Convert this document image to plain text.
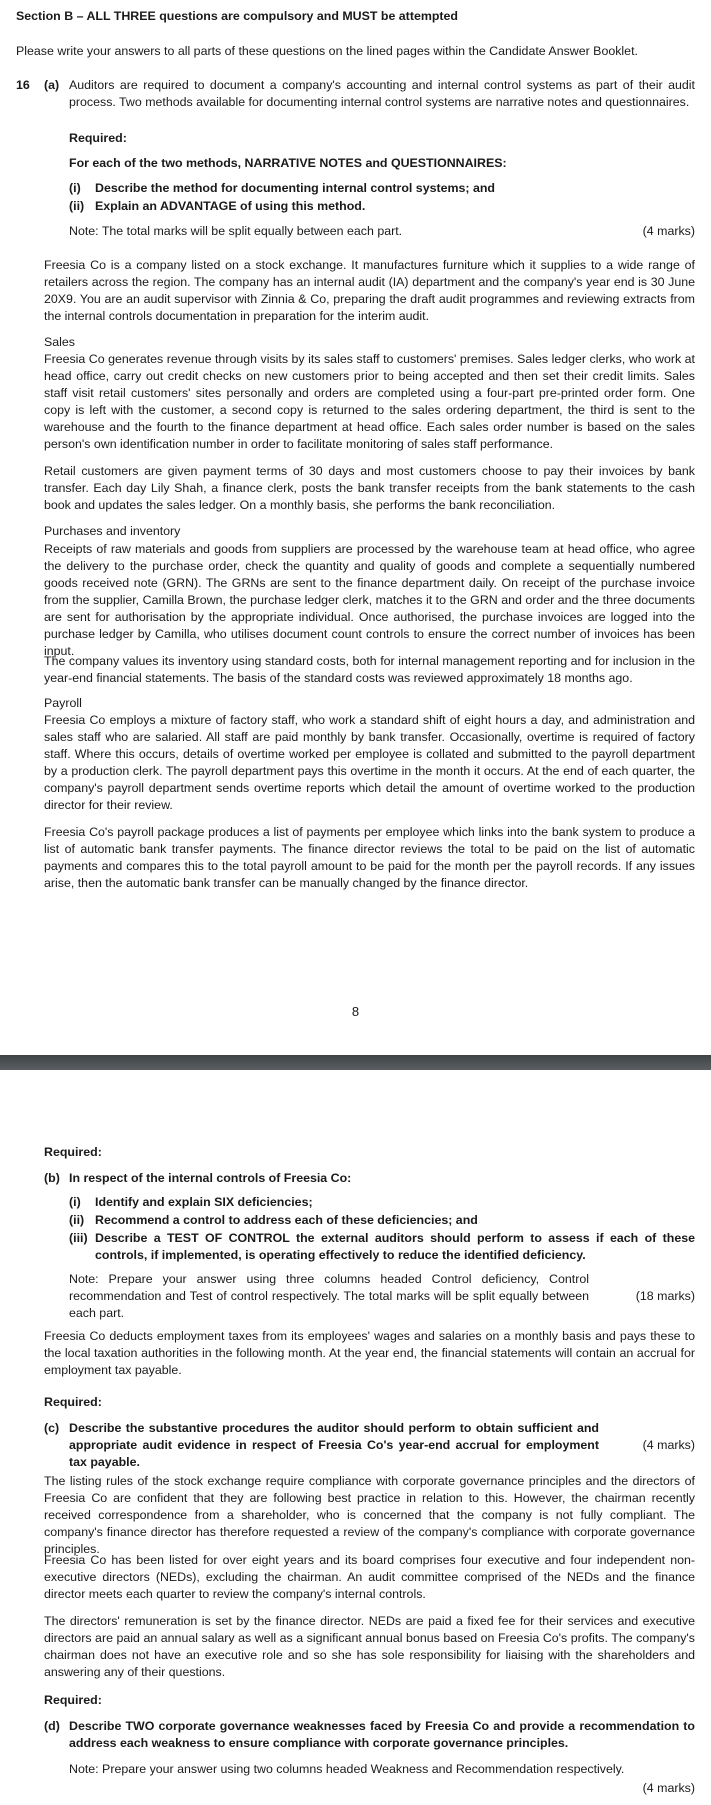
Section B – ALL THREE questions are compulsory and MUST be attempted
Please write your answers to all parts of these questions on the lined pages within the Candidate Answer Booklet.
16	(a) Auditors are required to document a company's accounting and internal control systems as part of their audit process. Two methods available for documenting internal control systems are narrative notes and questionnaires.
Required:
For each of the two methods, NARRATIVE NOTES and QUESTIONNAIRES:
(i) Describe the method for documenting internal control systems; and
(ii) Explain an ADVANTAGE of using this method.
Note: The total marks will be split equally between each part.	(4 marks)
Freesia Co is a company listed on a stock exchange. It manufactures furniture which it supplies to a wide range of retailers across the region. The company has an internal audit (IA) department and the company's year end is 30 June 20X9. You are an audit supervisor with Zinnia & Co, preparing the draft audit programmes and reviewing extracts from the internal controls documentation in preparation for the interim audit.
Sales
Freesia Co generates revenue through visits by its sales staff to customers' premises. Sales ledger clerks, who work at head office, carry out credit checks on new customers prior to being accepted and then set their credit limits. Sales staff visit retail customers' sites personally and orders are completed using a four-part pre-printed order form. One copy is left with the customer, a second copy is returned to the sales ordering department, the third is sent to the warehouse and the fourth to the finance department at head office. Each sales order number is based on the sales person's own identification number in order to facilitate monitoring of sales staff performance.
Retail customers are given payment terms of 30 days and most customers choose to pay their invoices by bank transfer. Each day Lily Shah, a finance clerk, posts the bank transfer receipts from the bank statements to the cash book and updates the sales ledger. On a monthly basis, she performs the bank reconciliation.
Purchases and inventory
Receipts of raw materials and goods from suppliers are processed by the warehouse team at head office, who agree the delivery to the purchase order, check the quantity and quality of goods and complete a sequentially numbered goods received note (GRN). The GRNs are sent to the finance department daily. On receipt of the purchase invoice from the supplier, Camilla Brown, the purchase ledger clerk, matches it to the GRN and order and the three documents are sent for authorisation by the appropriate individual. Once authorised, the purchase invoices are logged into the purchase ledger by Camilla, who utilises document count controls to ensure the correct number of invoices has been input.
The company values its inventory using standard costs, both for internal management reporting and for inclusion in the year-end financial statements. The basis of the standard costs was reviewed approximately 18 months ago.
Payroll
Freesia Co employs a mixture of factory staff, who work a standard shift of eight hours a day, and administration and sales staff who are salaried. All staff are paid monthly by bank transfer. Occasionally, overtime is required of factory staff. Where this occurs, details of overtime worked per employee is collated and submitted to the payroll department by a production clerk. The payroll department pays this overtime in the month it occurs. At the end of each quarter, the company's payroll department sends overtime reports which detail the amount of overtime worked to the production director for their review.
Freesia Co's payroll package produces a list of payments per employee which links into the bank system to produce a list of automatic bank transfer payments. The finance director reviews the total to be paid on the list of automatic payments and compares this to the total payroll amount to be paid for the month per the payroll records. If any issues arise, then the automatic bank transfer can be manually changed by the finance director.
8
Required:
(b) In respect of the internal controls of Freesia Co:
(i) Identify and explain SIX deficiencies;
(ii) Recommend a control to address each of these deficiencies; and
(iii) Describe a TEST OF CONTROL the external auditors should perform to assess if each of these controls, if implemented, is operating effectively to reduce the identified deficiency.
Note: Prepare your answer using three columns headed Control deficiency, Control recommendation and Test of control respectively. The total marks will be split equally between each part.
(18 marks)
Freesia Co deducts employment taxes from its employees' wages and salaries on a monthly basis and pays these to the local taxation authorities in the following month. At the year end, the financial statements will contain an accrual for employment tax payable.
Required:
(c) Describe the substantive procedures the auditor should perform to obtain sufficient and appropriate audit evidence in respect of Freesia Co's year-end accrual for employment tax payable.
(4 marks)
The listing rules of the stock exchange require compliance with corporate governance principles and the directors of Freesia Co are confident that they are following best practice in relation to this. However, the chairman recently received correspondence from a shareholder, who is concerned that the company is not fully compliant. The company's finance director has therefore requested a review of the company's compliance with corporate governance principles.
Freesia Co has been listed for over eight years and its board comprises four executive and four independent non-executive directors (NEDs), excluding the chairman. An audit committee comprised of the NEDs and the finance director meets each quarter to review the company's internal controls.
The directors' remuneration is set by the finance director. NEDs are paid a fixed fee for their services and executive directors are paid an annual salary as well as a significant annual bonus based on Freesia Co's profits. The company's chairman does not have an executive role and so she has sole responsibility for liaising with the shareholders and answering any of their questions.
Required:
(d) Describe TWO corporate governance weaknesses faced by Freesia Co and provide a recommendation to address each weakness to ensure compliance with corporate governance principles.
Note: Prepare your answer using two columns headed Weakness and Recommendation respectively.
(4 marks)
